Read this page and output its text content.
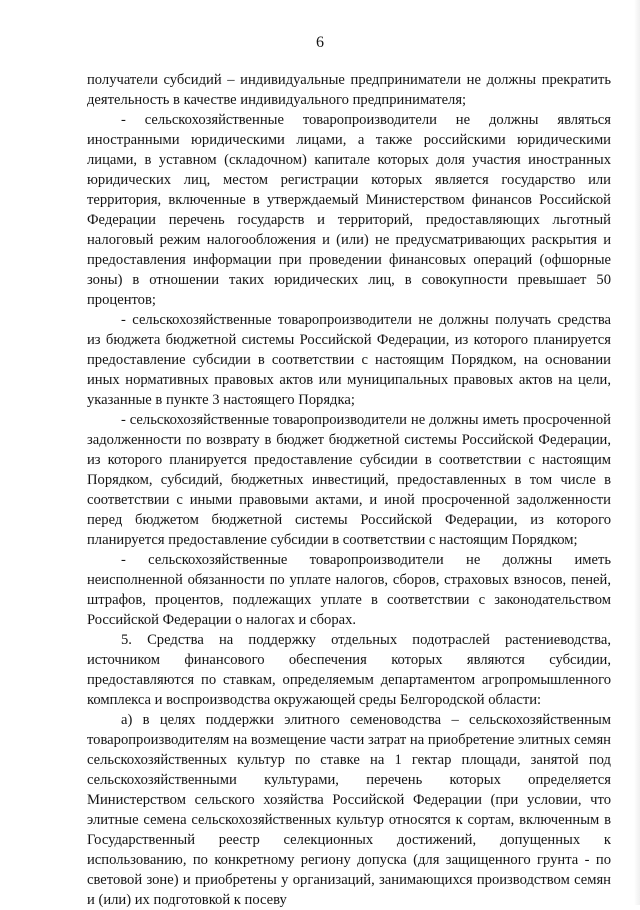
6

получатели субсидий – индивидуальные предприниматели не должны прекратить деятельность в качестве индивидуального предпринимателя;

- сельскохозяйственные товаропроизводители не должны являться иностранными юридическими лицами, а также российскими юридическими лицами, в уставном (складочном) капитале которых доля участия иностранных юридических лиц, местом регистрации которых является государство или территория, включенные в утверждаемый Министерством финансов Российской Федерации перечень государств и территорий, предоставляющих льготный налоговый режим налогообложения и (или) не предусматривающих раскрытия и предоставления информации при проведении финансовых операций (офшорные зоны) в отношении таких юридических лиц, в совокупности превышает 50 процентов;

- сельскохозяйственные товаропроизводители не должны получать средства из бюджета бюджетной системы Российской Федерации, из которого планируется предоставление субсидии в соответствии с настоящим Порядком, на основании иных нормативных правовых актов или муниципальных правовых актов на цели, указанные в пункте 3 настоящего Порядка;

- сельскохозяйственные товаропроизводители не должны иметь просроченной задолженности по возврату в бюджет бюджетной системы Российской Федерации, из которого планируется предоставление субсидии в соответствии с настоящим Порядком, субсидий, бюджетных инвестиций, предоставленных в том числе в соответствии с иными правовыми актами, и иной просроченной задолженности перед бюджетом бюджетной системы Российской Федерации, из которого планируется предоставление субсидии в соответствии с настоящим Порядком;

- сельскохозяйственные товаропроизводители не должны иметь неисполненной обязанности по уплате налогов, сборов, страховых взносов, пеней, штрафов, процентов, подлежащих уплате в соответствии с законодательством Российской Федерации о налогах и сборах.

5. Средства на поддержку отдельных подотраслей растениеводства, источником финансового обеспечения которых являются субсидии, предоставляются по ставкам, определяемым департаментом агропромышленного комплекса и воспроизводства окружающей среды Белгородской области:

а) в целях поддержки элитного семеноводства – сельскохозяйственным товаропроизводителям на возмещение части затрат на приобретение элитных семян сельскохозяйственных культур по ставке на 1 гектар площади, занятой под сельскохозяйственными культурами, перечень которых определяется Министерством сельского хозяйства Российской Федерации (при условии, что элитные семена сельскохозяйственных культур относятся к сортам, включенным в Государственный реестр селекционных достижений, допущенных к использованию, по конкретному региону допуска (для защищенного грунта - по световой зоне) и приобретены у организаций, занимающихся производством семян и (или) их подготовкой к посеву
